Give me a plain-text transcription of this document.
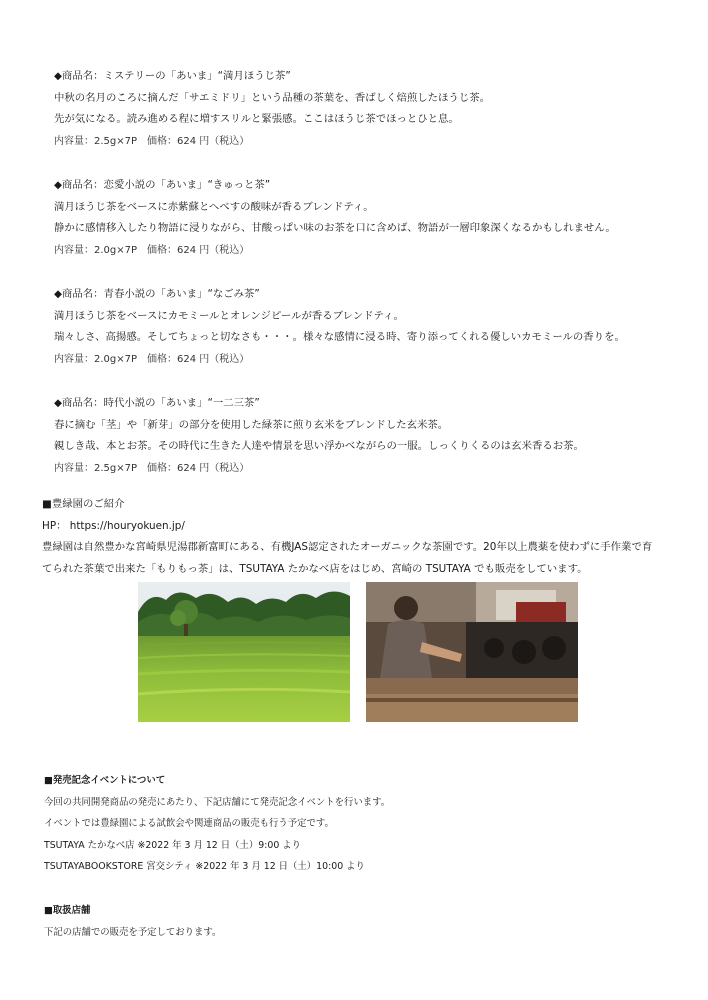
◆商品名：ミステリーの「あいま」“満月ほうじ茶”
中秋の名月のころに摘んだ「サエミドリ」という品種の茶葉を、香ばしく焙煎したほうじ茶。
先が気になる。読み進める程に増すスリルと緊張感。ここはほうじ茶でほっとひと息。
内容量：2.5g×7P　価格：624 円（税込）
◆商品名：恋愛小説の「あいま」“きゅっと茶”
満月ほうじ茶をベースに赤紫蘇とへべすの酸味が香るブレンドティ。
静かに感情移入したり物語に浸りながら、甘酸っぱい味のお茶を口に含めば、物語が一層印象深くなるかもしれません。
内容量：2.0g×7P　価格：624 円（税込）
◆商品名：青春小説の「あいま」“なごみ茶”
満月ほうじ茶をベースにカモミールとオレンジピールが香るブレンドティ。
瑞々しさ、高揚感。そしてちょっと切なさも・・・。様々な感情に浸る時、寄り添ってくれる優しいカモミールの香りを。
内容量：2.0g×7P　価格：624 円（税込）
◆商品名：時代小説の「あいま」“一二三茶”
春に摘む「茎」や「新芽」の部分を使用した緑茶に煎り玄米をブレンドした玄米茶。
親しき哉、本とお茶。その時代に生きた人達や情景を思い浮かべながらの一服。しっくりくるのは玄米香るお茶。
内容量：2.5g×7P　価格：624 円（税込）
■豊緑園のご紹介
HP： https://houryokuen.jp/
豊緑園は自然豊かな宮崎県児湯郡新富町にある、有機JAS認定されたオーガニックな茶園です。20年以上農薬を使わずに手作業で育
てられた茶葉で出来た「もりもっ茶」は、TSUTAYA たかなべ店をはじめ、宮崎の TSUTAYA でも販売をしています。
■発売記念イベントについて
今回の共同開発商品の発売にあたり、下記店舗にて発売記念イベントを行います。
イベントでは豊緑園による試飲会や関連商品の販売も行う予定です。
TSUTAYA たかなべ店 ※2022 年 3 月 12 日（土）9:00 より
TSUTAYABOOKSTORE 宮交シティ ※2022 年 3 月 12 日（土）10:00 より
■取扱店舗
下記の店舗での販売を予定しております。
